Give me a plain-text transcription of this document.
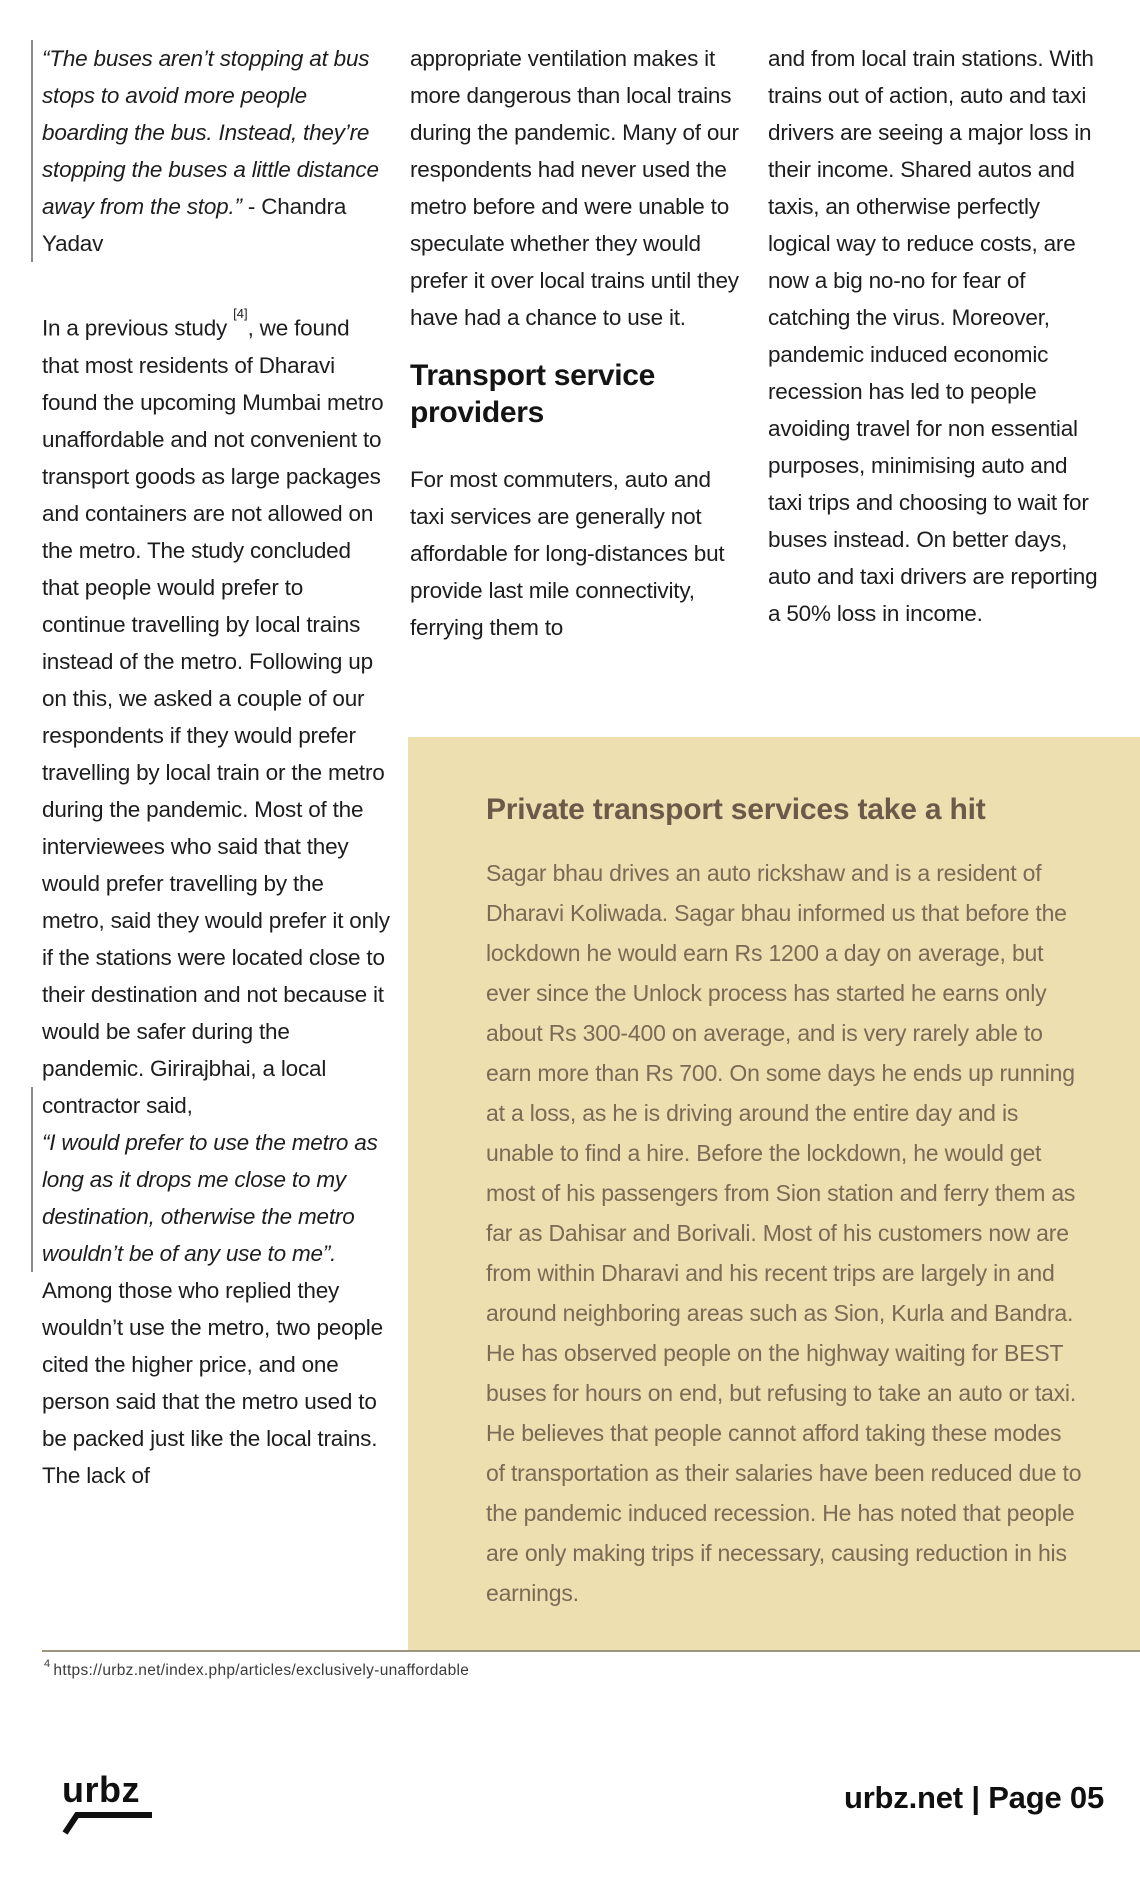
“The buses aren’t stopping at bus stops to avoid more people boarding the bus. Instead, they’re stopping the buses a little distance away from the stop.” - Chandra Yadav

In a previous study [4], we found that most residents of Dharavi found the upcoming Mumbai metro unaffordable and not convenient to transport goods as large packages and containers are not allowed on the metro. The study concluded that people would prefer to continue travelling by local trains instead of the metro. Following up on this, we asked a couple of our respondents if they would prefer travelling by local train or the metro during the pandemic. Most of the interviewees who said that they would prefer travelling by the metro, said they would prefer it only if the stations were located close to their destination and not because it would be safer during the pandemic. Girirajbhai, a local

contractor said,
“I would prefer to use the metro as long as it drops me close to my destination, otherwise the metro wouldn’t be of any use to me”.

Among those who replied they wouldn’t use the metro, two people cited the higher price, and one person said that the metro used to be packed just like the local trains. The lack of

appropriate ventilation makes it more dangerous than local trains during the pandemic. Many of our respondents had never used the metro before and were unable to speculate whether they would prefer it over local trains until they have had a chance to use it.

Transport service providers

For most commuters, auto and taxi services are generally not affordable for long-distances but provide last mile connectivity, ferrying them to

and from local train stations. With trains out of action, auto and taxi drivers are seeing a major loss in their income. Shared autos and taxis, an otherwise perfectly logical way to reduce costs, are now a big no-no for fear of catching the virus. Moreover, pandemic induced economic recession has led to people avoiding travel for non essential purposes, minimising auto and taxi trips and choosing to wait for buses instead. On better days, auto and taxi drivers are reporting a 50% loss in income.

Private transport services take a hit

Sagar bhau drives an auto rickshaw and is a resident of Dharavi Koliwada. Sagar bhau informed us that before the lockdown he would earn Rs 1200 a day on average, but ever since the Unlock process has started he earns only about Rs 300-400 on average, and is very rarely able to earn more than Rs 700. On some days he ends up running at a loss, as he is driving around the entire day and is unable to find a hire. Before the lockdown, he would get most of his passengers from Sion station and ferry them as far as Dahisar and Borivali. Most of his customers now are from within Dharavi and his recent trips are largely in and around neighboring areas such as Sion, Kurla and Bandra. He has observed people on the highway waiting for BEST buses for hours on end, but refusing to take an auto or taxi. He believes that people cannot afford taking these modes of transportation as their salaries have been reduced due to the pandemic induced recession. He has noted that people are only making trips if necessary, causing reduction in his earnings.

$^4$ https://urbz.net/index.php/articles/exclusively-unaffordable

urbz	urbz.net | Page 05
